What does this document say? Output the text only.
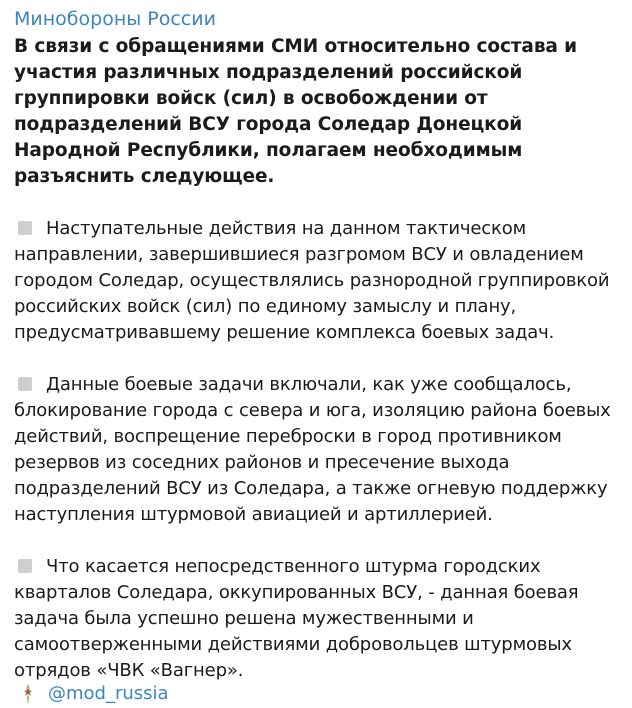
Минобороны России

В связи с обращениями СМИ относительно состава и участия различных подразделений российской группировки войск (сил) в освобождении от подразделений ВСУ города Соледар Донецкой Народной Республики, полагаем необходимым разъяснить следующее.

Наступательные действия на данном тактическом направлении, завершившиеся разгромом ВСУ и овладением городом Соледар, осуществлялись разнородной группировкой российских войск (сил) по единому замыслу и плану, предусматривавшему решение комплекса боевых задач.

Данные боевые задачи включали, как уже сообщалось, блокирование города с севера и юга, изоляцию района боевых действий, воспрещение переброски в город противником резервов из соседних районов и пресечение выхода подразделений ВСУ из Соледара, а также огневую поддержку наступления штурмовой авиацией и артиллерией.

Что касается непосредственного штурма городских кварталов Соледара, оккупированных ВСУ, - данная боевая задача была успешно решена мужественными и самоотверженными действиями добровольцев штурмовых отрядов «ЧВК «Вагнер».

@mod_russia
